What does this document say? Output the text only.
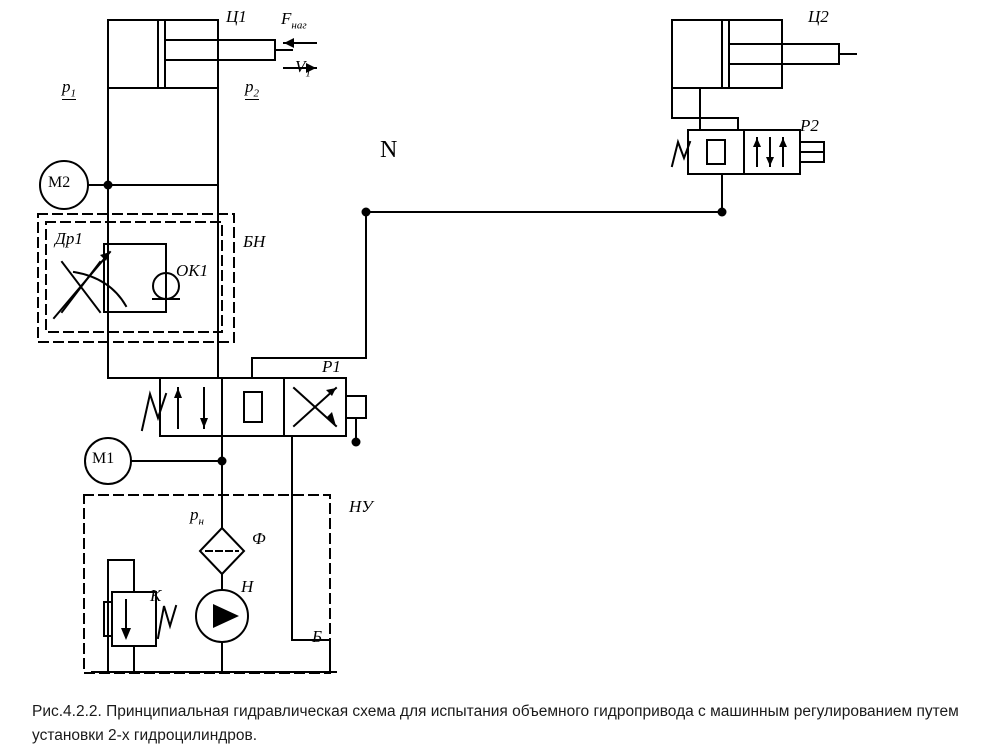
Ц1	Ц2
$F_{наг}$
$V_1$
$p_1$	$p_2$
M2
M1
Ν
Р2
Р1
Др1
ОК1
БН
НУ
$p_н$
Ф
Н
К
Б
Рис.4.2.2. Принципиальная гидравлическая схема для испытания объемного гидропривода с машинным регулированием путем установки 2-х гидроцилиндров.
